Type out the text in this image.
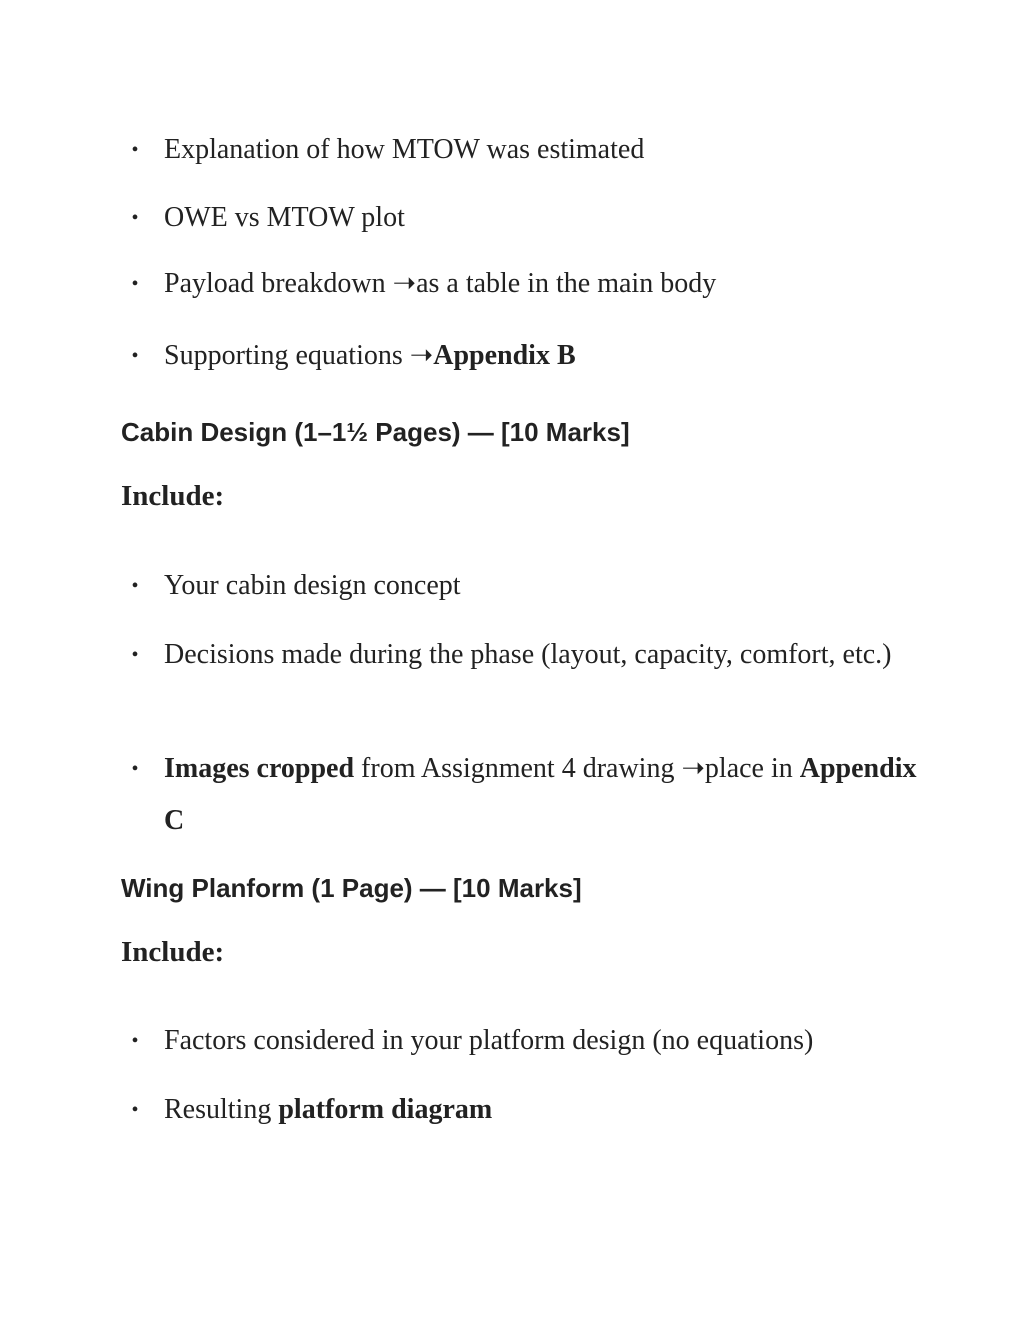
• Explanation of how MTOW was estimated
• OWE vs MTOW plot
• Payload breakdown ➝as a table in the main body
• Supporting equations ➝Appendix B
Cabin Design (1–1½ Pages) — [10 Marks]
Include:
• Your cabin design concept
• Decisions made during the phase (layout, capacity, comfort, etc.)
• Images cropped from Assignment 4 drawing ➝place in Appendix C
Wing Planform (1 Page) — [10 Marks]
Include:
• Factors considered in your platform design (no equations)
• Resulting platform diagram
